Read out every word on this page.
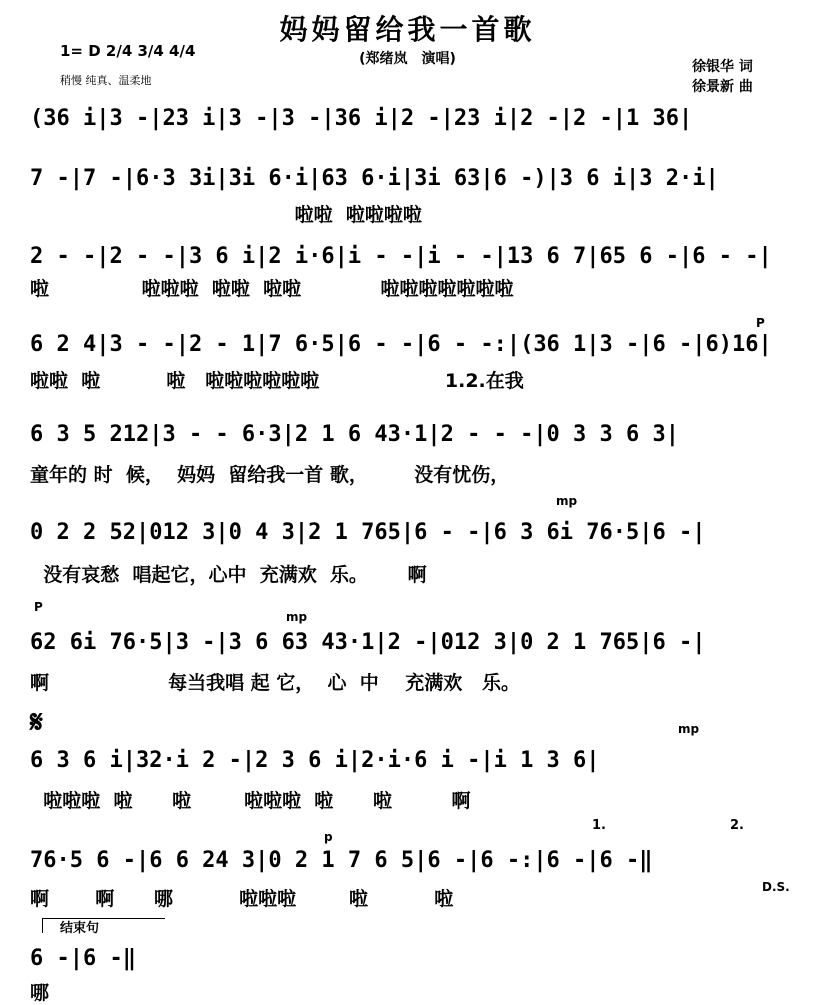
妈妈留给我一首歌
(郑绪岚　演唱)
1= D 2/4 3/4 4/4
稍慢 纯真、温柔地
徐银华 词
徐景新 曲
(36 i|3 -|23 i|3 -|3 -|36 i|2 -|23 i|2 -|2 -|1 36|
7 -|7 -|6·3 3i|3i 6·i|63 6·i|3i 63|6 -)|3 6 i|3 2·i|
啦啦  啦啦啦啦
2 - -|2 - -|3 6 i|2 i·6|i - -|i - -|13 6 7|65 6 -|6 - -|
啦              啦啦啦  啦啦  啦啦            啦啦啦啦啦啦啦
P
6 2 4|3 - -|2 - 1|7 6·5|6 - -|6 - -:|(36 1|3 -|6 -|6)16|
啦啦  啦          啦   啦啦啦啦啦啦                   1.2.在我
6 3 5 212|3 - - 6·3|2 1 6 43·1|2 - - -|0 3 3 6 3|
童年的 时  候，  妈妈  留给我一首 歌，       没有忧伤，
mp
0 2 2 52|012 3|0 4 3|2 1 765|6 - -|6 3 6i 76·5|6 -|
没有哀愁  唱起它，心中  充满欢  乐。      啊
P
mp
62 6i 76·5|3 -|3 6 63 43·1|2 -|012 3|0 2 1 765|6 -|
啊                  每当我唱 起 它，  心  中    充满欢   乐。
𝄋	mp
6 3 6 i|32·i 2 -|2 3 6 i|2·i·6 i -|i 1 3 6|
啦啦啦  啦      啦        啦啦啦  啦      啦         啊
p
1.	2.
76·5 6 -|6 6 24 3|0 2 1 7 6 5|6 -|6 -:|6 -|6 -‖
啊       啊      哪          啦啦啦        啦          啦
D.S.
结束句
6 -|6 -‖
哪
